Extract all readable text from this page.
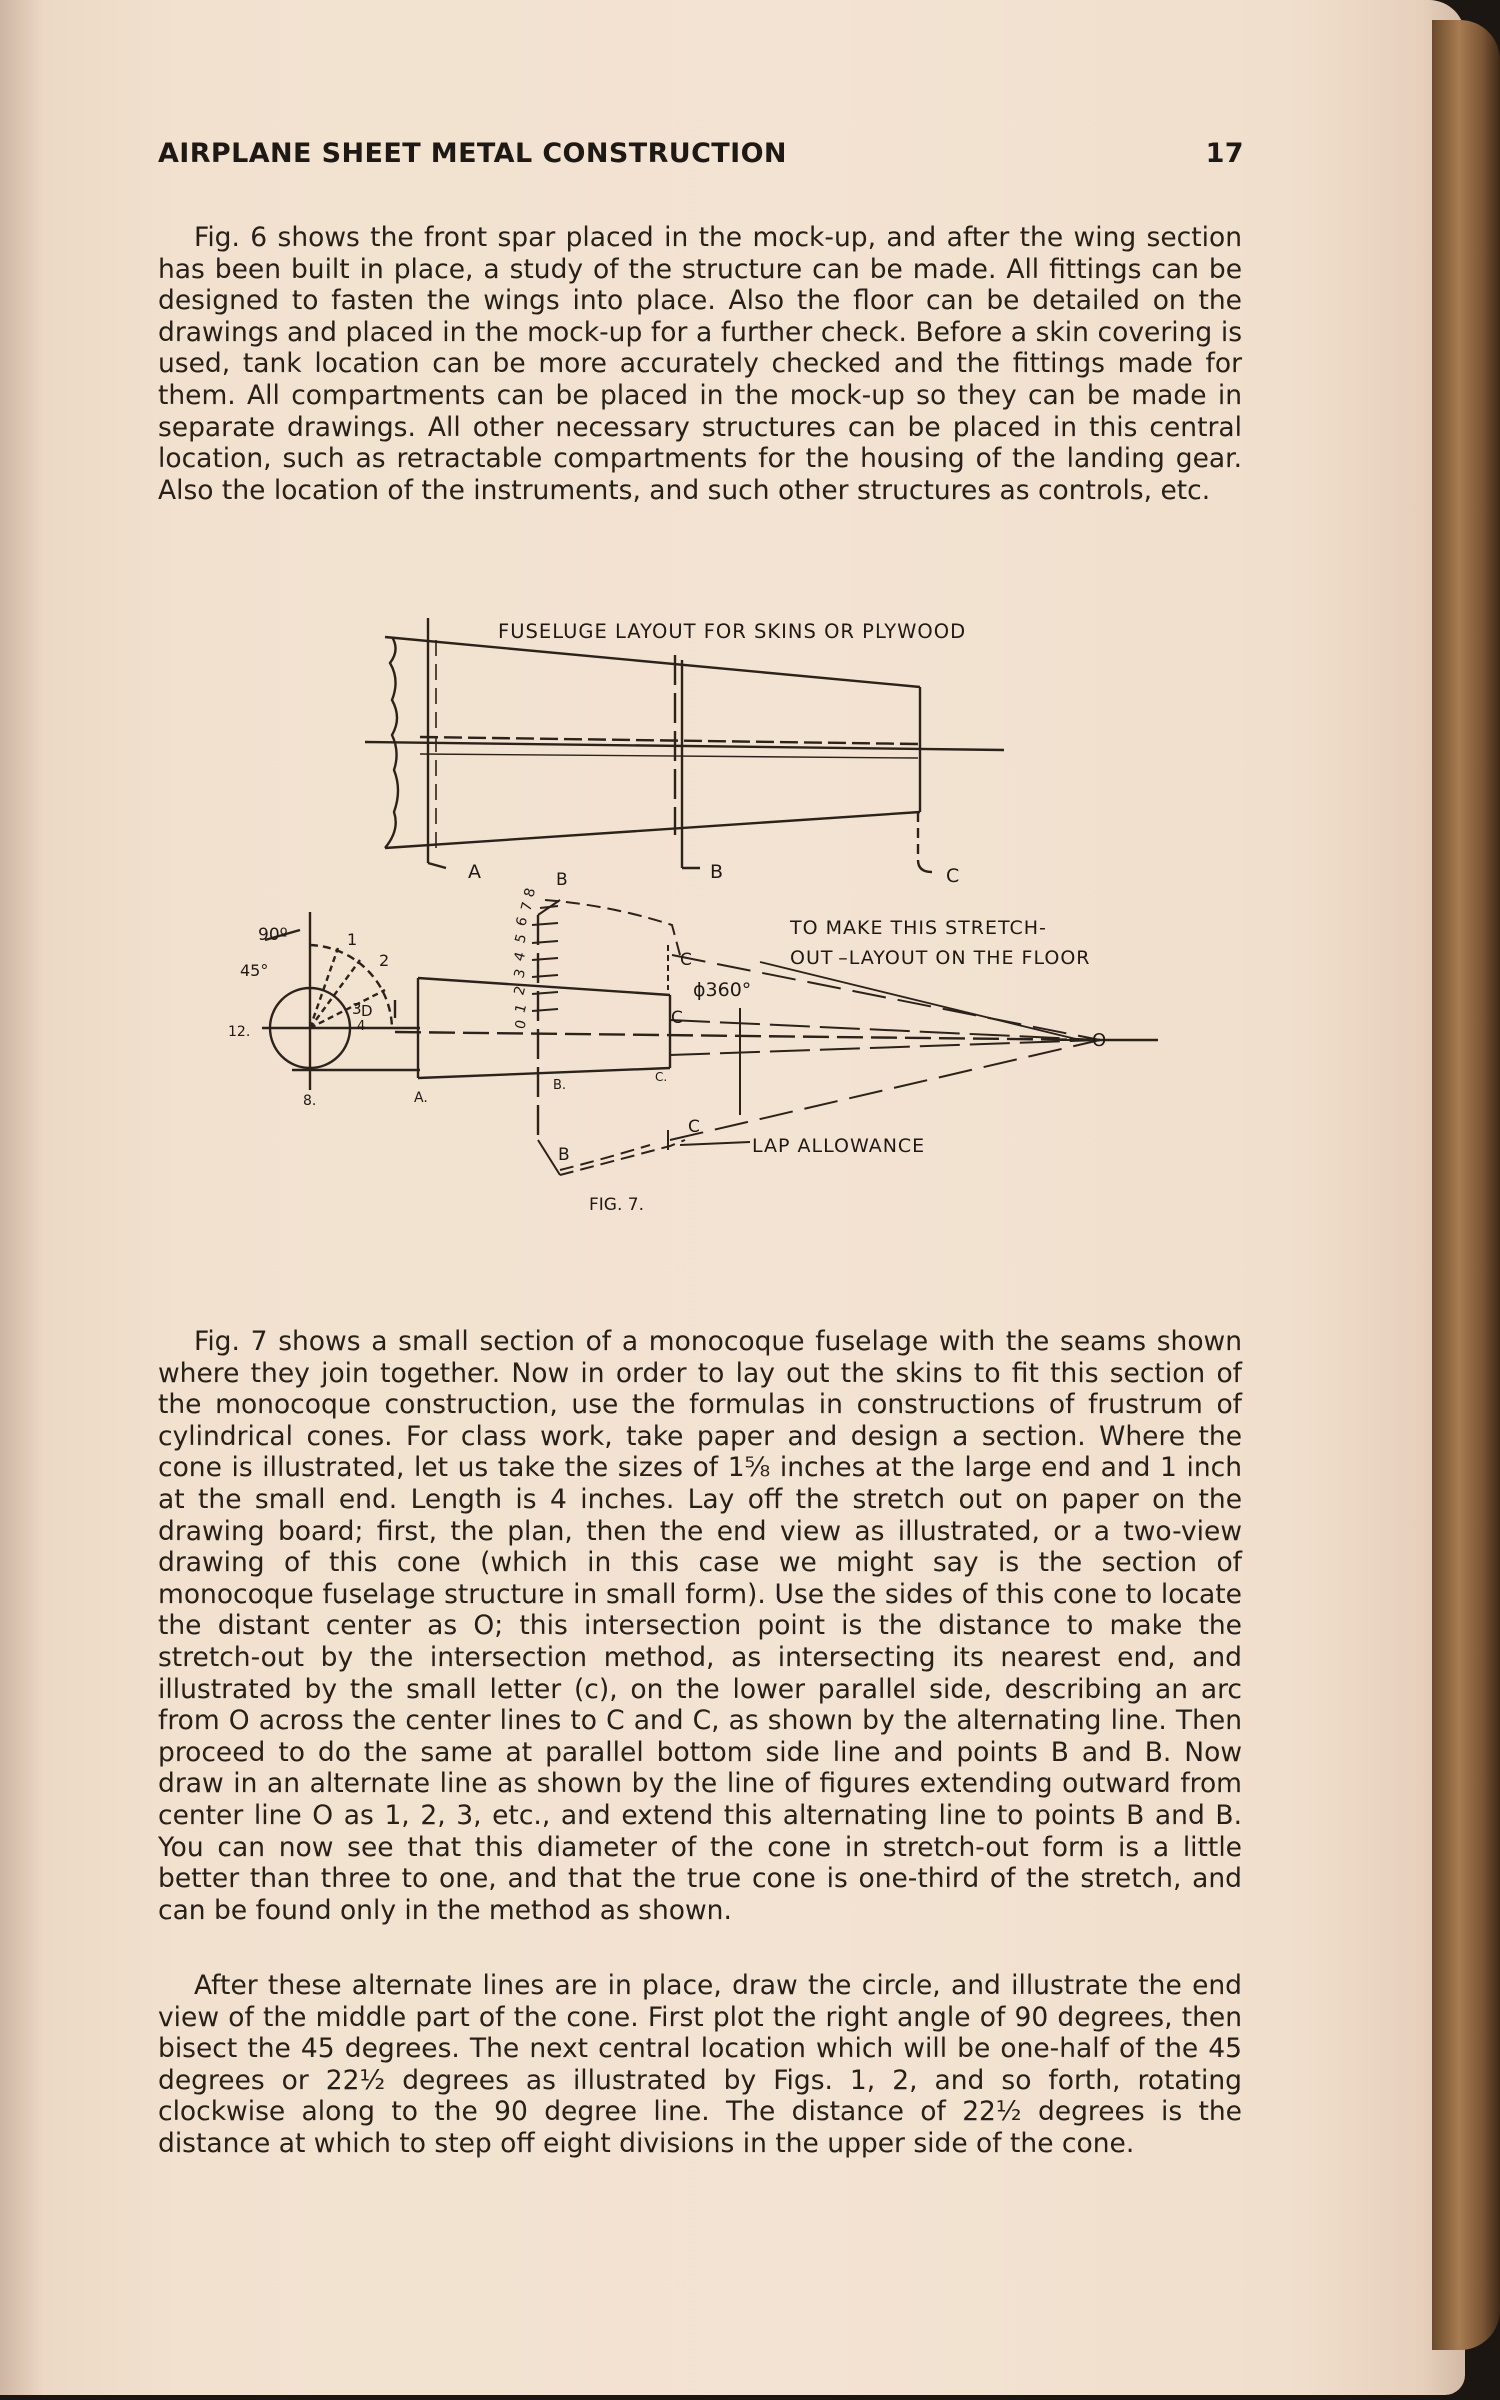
AIRPLANE SHEET METAL CONSTRUCTION	17

Fig. 6 shows the front spar placed in the mock-up, and after the wing section has been built in place, a study of the structure can be made. All fittings can be designed to fasten the wings into place. Also the floor can be detailed on the drawings and placed in the mock-up for a further check. Before a skin covering is used, tank location can be more accurately checked and the fittings made for them. All compartments can be placed in the mock-up so they can be made in separate drawings. All other necessary structures can be placed in this central location, such as retractable compartments for the housing of the landing gear. Also the location of the instruments, and such other structures as controls, etc.

FUSELUGE LAYOUT FOR SKINS OR PLYWOOD
A	B	C
B
TO MAKE THIS STRETCH-
OUT –LAYOUT ON THE FLOOR
ϕ360°
LAP ALLOWANCE
FIG. 7.
C
C
C.
C
B.
B
A.
O
8.
12.
90º
45°
1
2
3 D
4	0
1
2
3
4
5
6
7
8

Fig. 7 shows a small section of a monocoque fuselage with the seams shown where they join together. Now in order to lay out the skins to fit this section of the monocoque construction, use the formulas in constructions of frustrum of cylindrical cones. For class work, take paper and design a section. Where the cone is illustrated, let us take the sizes of 1⅝ inches at the large end and 1 inch at the small end. Length is 4 inches. Lay off the stretch out on paper on the drawing board; first, the plan, then the end view as illustrated, or a two-view drawing of this cone (which in this case we might say is the section of monocoque fuselage structure in small form). Use the sides of this cone to locate the distant center as O; this intersection point is the distance to make the stretch-out by the intersection method, as intersecting its nearest end, and illustrated by the small letter (c), on the lower parallel side, describing an arc from O across the center lines to C and C, as shown by the alternating line. Then proceed to do the same at parallel bottom side line and points B and B. Now draw in an alternate line as shown by the line of figures extending outward from center line O as 1, 2, 3, etc., and extend this alternating line to points B and B. You can now see that this diameter of the cone in stretch-out form is a little better than three to one, and that the true cone is one-third of the stretch, and can be found only in the method as shown.

After these alternate lines are in place, draw the circle, and illustrate the end view of the middle part of the cone. First plot the right angle of 90 degrees, then bisect the 45 degrees. The next central location which will be one-half of the 45 degrees or 22½ degrees as illustrated by Figs. 1, 2, and so forth, rotating clockwise along to the 90 degree line. The distance of 22½ degrees is the distance at which to step off eight divisions in the upper side of the cone.
